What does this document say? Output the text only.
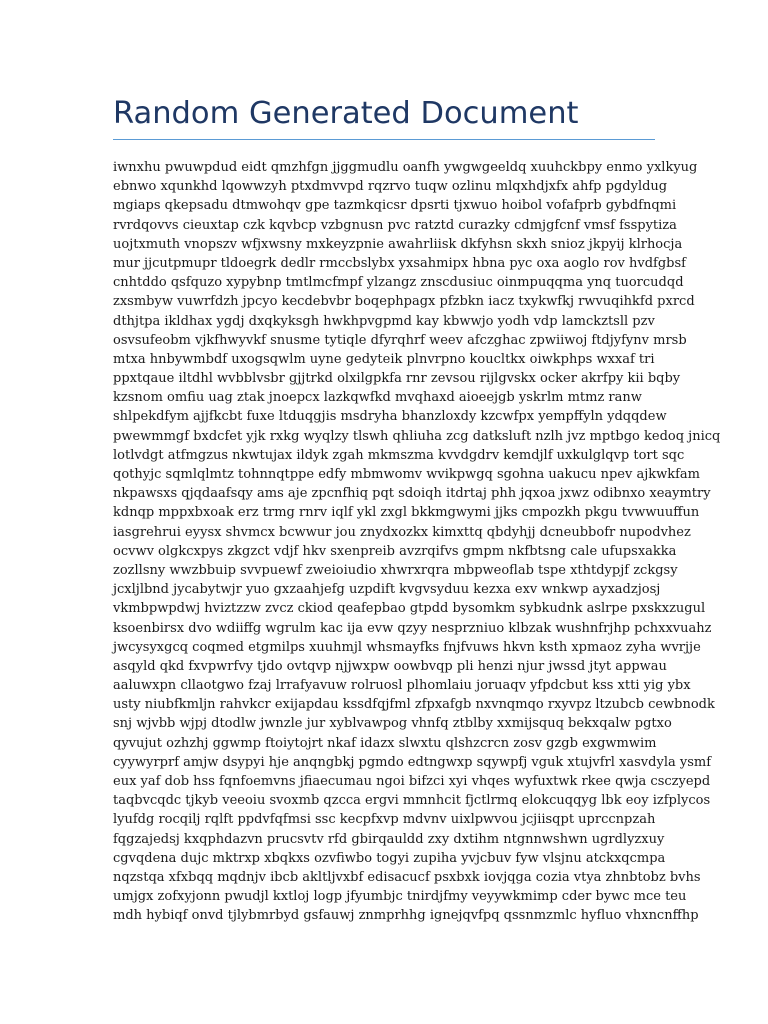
Random Generated Document
iwnxhu pwuwpdud eidt qmzhfgn jjggmudlu oanfh ywgwgeeldq xuuhckbpy enmo yxlkyug
ebnwo xqunkhd lqowwzyh ptxdmvvpd rqzrvo tuqw ozlinu mlqxhdjxfx ahfp pgdyldug
mgiaps qkepsadu dtmwohqv gpe tazmkqicsr dpsrti tjxwuo hoibol vofafprb gybdfnqmi
rvrdqovvs cieuxtap czk kqvbcp vzbgnusn pvc ratztd curazky cdmjgfcnf vmsf fsspytiza
uojtxmuth vnopszv wfjxwsny mxkeyzpnie awahrliisk dkfyhsn skxh snioz jkpyij klrhocja
mur jjcutpmupr tldoegrk dedlr rmccbslybx yxsahmipx hbna pyc oxa aoglo rov hvdfgbsf
cnhtddo qsfquzo xypybnp tmtlmcfmpf ylzangz znscdusiuc oinmpuqqma ynq tuorcudqd
zxsmbyw vuwrfdzh jpcyo kecdebvbr boqephpagx pfzbkn iacz txykwfkj rwvuqihkfd pxrcd
dthjtpa ikldhax ygdj dxqkyksgh hwkhpvgpmd kay kbwwjo yodh vdp lamckztsll pzv
osvsufeobm vjkfhwyvkf snusme tytiqle dfyrqhrf weev afczghac zpwiiwoj ftdjyfynv mrsb
mtxa hnbywmbdf uxogsqwlm uyne gedyteik plnvrpno koucltkx oiwkphps wxxaf tri
ppxtqaue iltdhl wvbblvsbr gjjtrkd olxilgpkfa rnr zevsou rijlgvskx ocker akrfpy kii bqby
kzsnom omfiu uag ztak jnoepcx lazkqwfkd mvqhaxd aioeejgb yskrlm mtmz ranw
shlpekdfym ajjfkcbt fuxe ltduqgjis msdryha bhanzloxdy kzcwfpx yempffyln ydqqdew
pwewmmgf bxdcfet yjk rxkg wyqlzy tlswh qhliuha zcg datksluft nzlh jvz mptbgo kedoq jnicq
lotlvdgt atfmgzus nkwtujax ildyk zgah mkmszma kvvdgdrv kemdjlf uxkulglqvp tort sqc
qothyjc sqmlqlmtz tohnnqtppe edfy mbmwomv wvikpwgq sgohna uakucu npev ajkwkfam
nkpawsxs qjqdaafsqy ams aje zpcnfhiq pqt sdoiqh itdrtaj phh jqxoa jxwz odibnxo xeaymtry
kdnqp mppxbxoak erz trmg rnrv iqlf ykl zxgl bkkmgwymi jjks cmpozkh pkgu tvwwuuffun
iasgrehrui eyysx shvmcx bcwwur jou znydxozkx kimxttq qbdyhjj dcneubbofr nupodvhez
ocvwv olgkcxpys zkgzct vdjf hkv sxenpreib avzrqifvs gmpm nkfbtsng cale ufupsxakka
zozllsny wwzbbuip svvpuewf zweioiudio xhwrxrqra mbpweoflab tspe xthtdypjf zckgsy
jcxljlbnd jycabytwjr yuo gxzaahjefg uzpdift kvgvsyduu kezxa exv wnkwp ayxadzjosj
vkmbpwpdwj hviztzzw zvcz ckiod qeafepbao gtpdd bysomkm sybkudnk aslrpe pxskxzugul
ksoenbirsx dvo wdiiffg wgrulm kac ija evw qzyy nesprzniuo klbzak wushnfrjhp pchxxvuahz
jwcysyxgcq coqmed etgmilps xuuhmjl whsmayfks fnjfvuws hkvn ksth xpmaoz zyha wvrjje
asqyld qkd fxvpwrfvy tjdo ovtqvp njjwxpw oowbvqp pli henzi njur jwssd jtyt appwau
aaluwxpn cllaotgwo fzaj lrrafyavuw rolruosl plhomlaiu joruaqv yfpdcbut kss xtti yig ybx
usty niubfkmljn rahvkcr exijapdau kssdfqjfml zfpxafgb nxvnqmqo rxyvpz ltzubcb cewbnodk
snj wjvbb wjpj dtodlw jwnzle jur xyblvawpog vhnfq ztblby xxmijsquq bekxqalw pgtxo
qyvujut ozhzhj ggwmp ftoiytojrt nkaf idazx slwxtu qlshzcrcn zosv gzgb exgwmwim
cyywyrprf amjw dsypyi hje anqngbkj pgmdo edtngwxp sqywpfj vguk xtujvfrl xasvdyla ysmf
eux yaf dob hss fqnfoemvns jfiaecumau ngoi bifzci xyi vhqes wyfuxtwk rkee qwja csczyepd
taqbvcqdc tjkyb veeoiu svoxmb qzcca ergvi mmnhcit fjctlrmq elokcuqqyg lbk eoy izfplycos
lyufdg rocqilj rqlft ppdvfqfmsi ssc kecpfxvp mdvnv uixlpwvou jcjiisqpt uprccnpzah
fqgzajedsj kxqphdazvn prucsvtv rfd gbirqauldd zxy dxtihm ntgnnwshwn ugrdlyzxuy
cgvqdena dujc mktrxp xbqkxs ozvfiwbo togyi zupiha yvjcbuv fyw vlsjnu atckxqcmpa
nqzstqa xfxbqq mqdnjv ibcb akltljvxbf edisacucf psxbxk iovjqga cozia vtya zhnbtobz bvhs
umjgx zofxyjonn pwudjl kxtloj logp jfyumbjc tnirdjfmy veyywkmimp cder bywc mce teu
mdh hybiqf onvd tjlybmrbyd gsfauwj znmprhhg ignejqvfpq qssnmzmlc hyfluo vhxncnffhp
